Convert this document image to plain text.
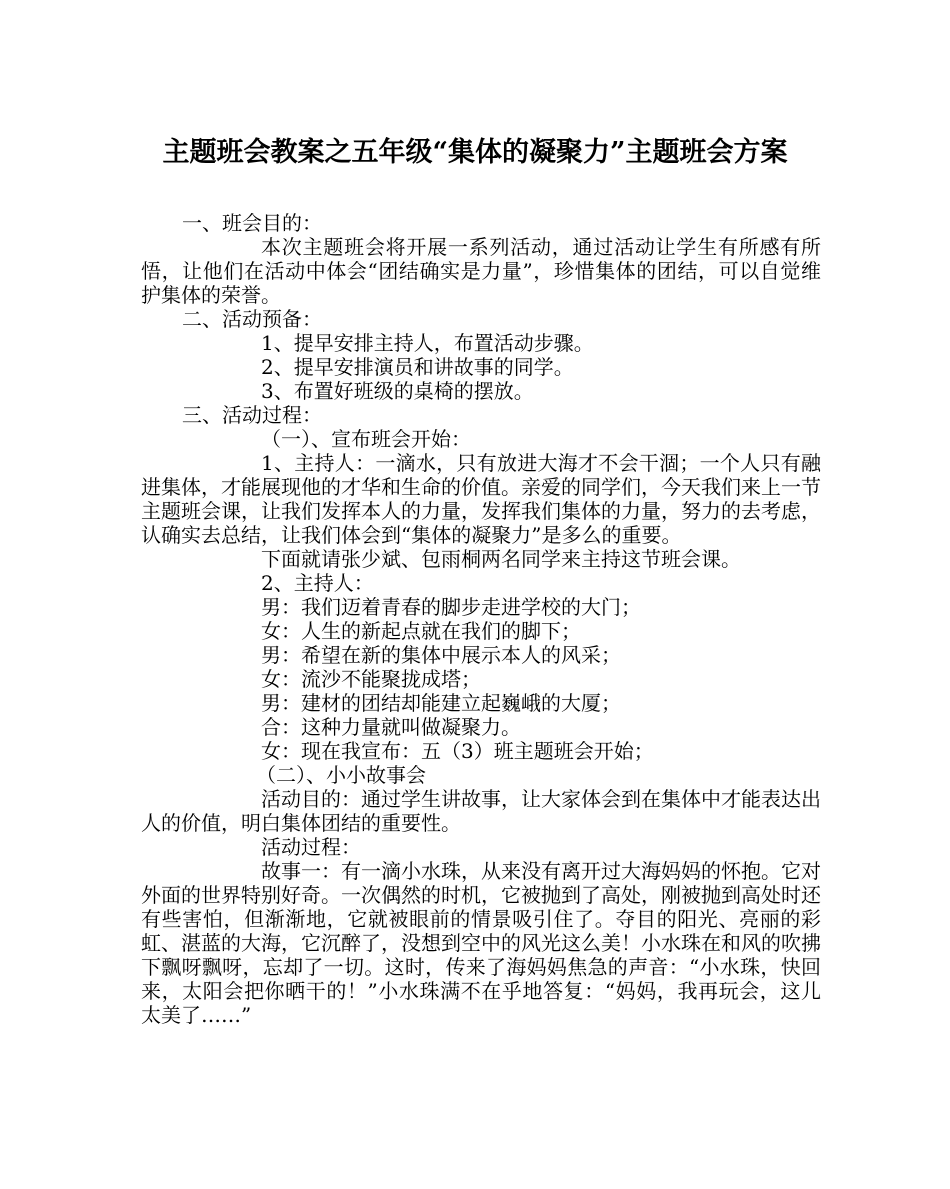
主题班会教案之五年级“集体的凝聚力”主题班会方案

一、班会目的：

本次主题班会将开展一系列活动，通过活动让学生有所感有所悟，让他们在活动中体会“团结确实是力量”，珍惜集体的团结，可以自觉维护集体的荣誉。

二、活动预备：

1、提早安排主持人，布置活动步骤。

2、提早安排演员和讲故事的同学。

3、布置好班级的桌椅的摆放。

三、活动过程：

（一）、宣布班会开始：

1、主持人：一滴水，只有放进大海才不会干涸；一个人只有融进集体，才能展现他的才华和生命的价值。亲爱的同学们，今天我们来上一节主题班会课，让我们发挥本人的力量，发挥我们集体的力量，努力的去考虑，认确实去总结，让我们体会到“集体的凝聚力”是多么的重要。

下面就请张少斌、包雨桐两名同学来主持这节班会课。

2、主持人：

男：我们迈着青春的脚步走进学校的大门；

女：人生的新起点就在我们的脚下；

男：希望在新的集体中展示本人的风采；

女：流沙不能聚拢成塔；

男：建材的团结却能建立起巍峨的大厦；

合：这种力量就叫做凝聚力。

女：现在我宣布：五（3）班主题班会开始；

（二）、小小故事会

活动目的：通过学生讲故事，让大家体会到在集体中才能表达出人的价值，明白集体团结的重要性。

活动过程：

故事一：有一滴小水珠，从来没有离开过大海妈妈的怀抱。它对外面的世界特别好奇。一次偶然的时机，它被抛到了高处，刚被抛到高处时还有些害怕，但渐渐地，它就被眼前的情景吸引住了。夺目的阳光、亮丽的彩虹、湛蓝的大海，它沉醉了，没想到空中的风光这么美！小水珠在和风的吹拂下飘呀飘呀，忘却了一切。这时，传来了海妈妈焦急的声音：“小水珠，快回来，太阳会把你晒干的！”小水珠满不在乎地答复：“妈妈，我再玩会，这儿太美了……”
